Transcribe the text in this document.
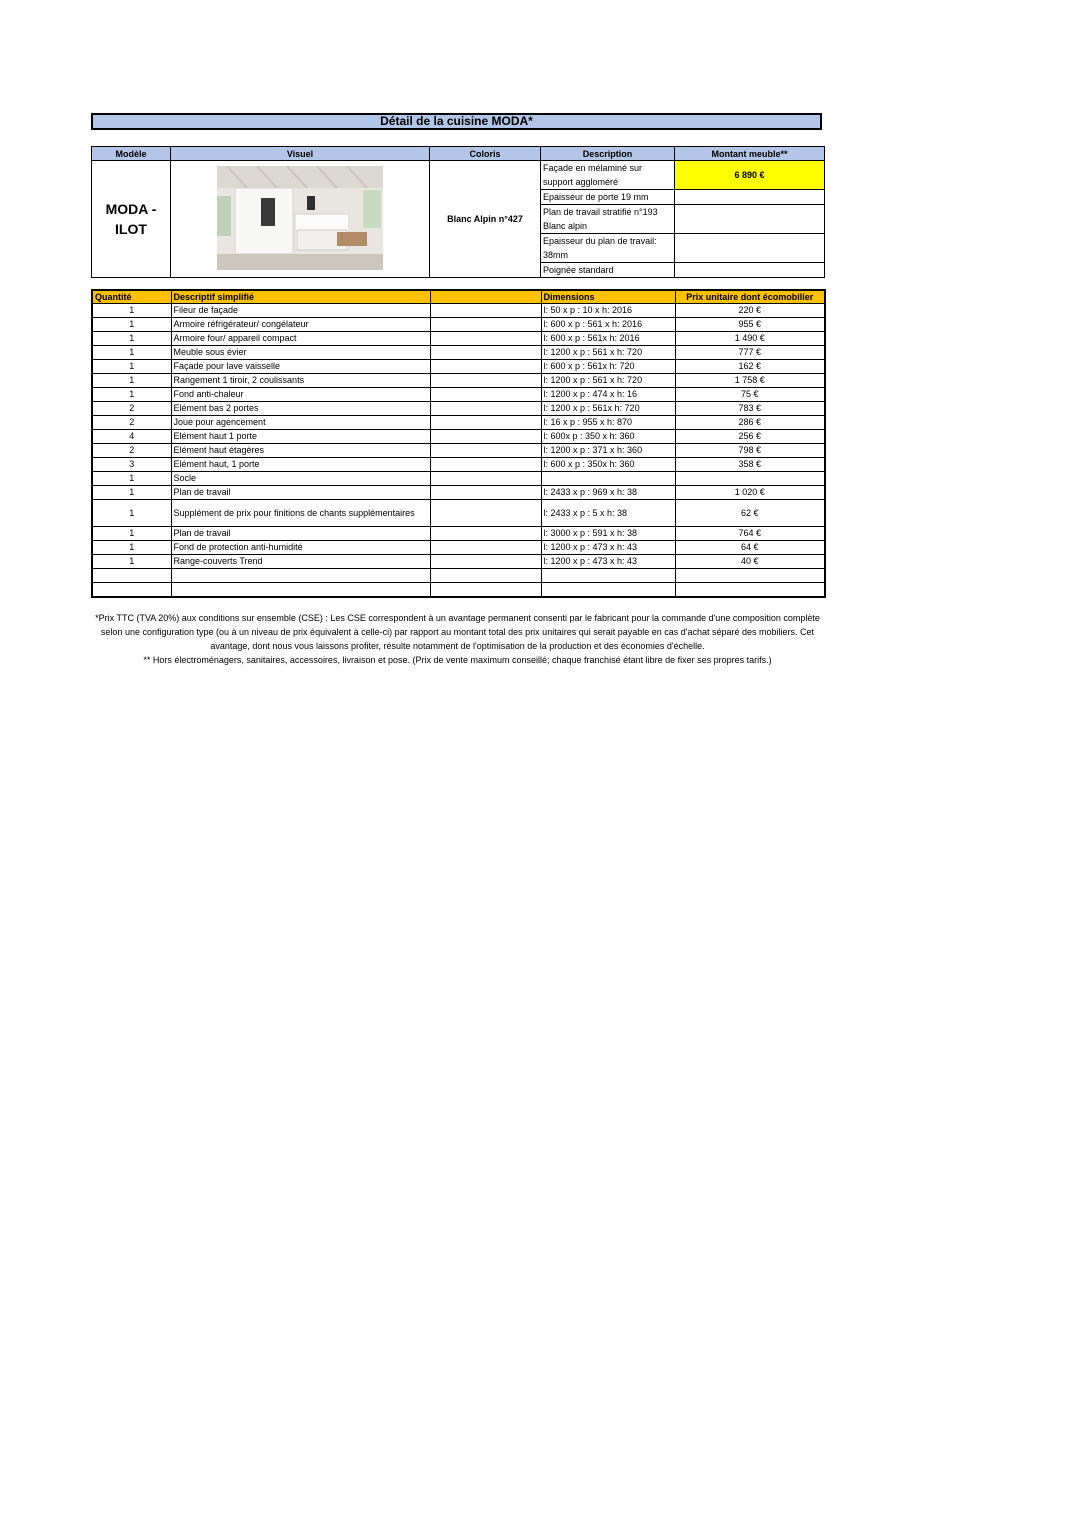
Détail de la cuisine MODA*
Modèle	Visuel	Coloris	Description	Montant meuble**
MODA - ILOT		Blanc Alpin n°427	Façade en mélaminé sur support aggloméré	6 890 €
			Epaisseur de porte 19 mm	
			Plan de travail stratifié n°193 Blanc alpin	
			Epaisseur du plan de travail: 38mm	
			Poignée standard	
Quantité	Descriptif simplifié		Dimensions	Prix unitaire dont écomobilier
1	Fileur de façade		l: 50 x p : 10 x h: 2016	220 €
1	Armoire réfrigérateur/ congélateur		l: 600 x p : 561 x h: 2016	955 €
1	Armoire four/ appareil compact		l: 600 x p : 561x h: 2016	1 490 €
1	Meuble sous évier		l: 1200 x p : 561 x h: 720	777 €
1	Façade pour lave vaisselle		l: 600 x p : 561x h: 720	162 €
1	Rangement 1 tiroir, 2 coulissants		l: 1200 x p : 561 x h: 720	1 758 €
1	Fond anti-chaleur		l: 1200 x p : 474 x h: 16	75 €
2	Elément bas 2 portes		l: 1200 x p : 561x h: 720	783 €
2	Joue pour agencement		l: 16 x p : 955 x h: 870	286 €
4	Elément haut 1 porte		l: 600x p : 350 x h: 360	256 €
2	Elément haut étagères		l: 1200 x p : 371 x h: 360	798 €
3	Elément haut, 1 porte		l: 600 x p : 350x h: 360	358 €
1	Socle			
1	Plan de travail		l: 2433 x p : 969 x h: 38	1 020 €
1	Supplément de prix pour finitions de chants supplémentaires		l: 2433 x p : 5 x h: 38	62 €
1	Plan de travail		l: 3000 x p : 591 x h: 38	764 €
1	Fond de protection anti-humidité		l: 1200 x p : 473 x h: 43	64 €
1	Range-couverts Trend		l: 1200 x p : 473 x h: 43	40 €

*Prix TTC (TVA 20%) aux conditions sur ensemble (CSE) : Les CSE correspondent à un avantage permanent consenti par le fabricant pour la commande d'une composition complète selon une configuration type (ou à un niveau de prix équivalent à celle-ci) par rapport au montant total des prix unitaires qui serait payable en cas d'achat séparé des mobiliers. Cet avantage, dont nous vous laissons profiter, résulte notamment de l'optimisation de la production et des économies d'échelle.
** Hors électroménagers, sanitaires, accessoires, livraison et pose. (Prix de vente maximum conseillé; chaque franchisé étant libre de fixer ses propres tarifs.)
